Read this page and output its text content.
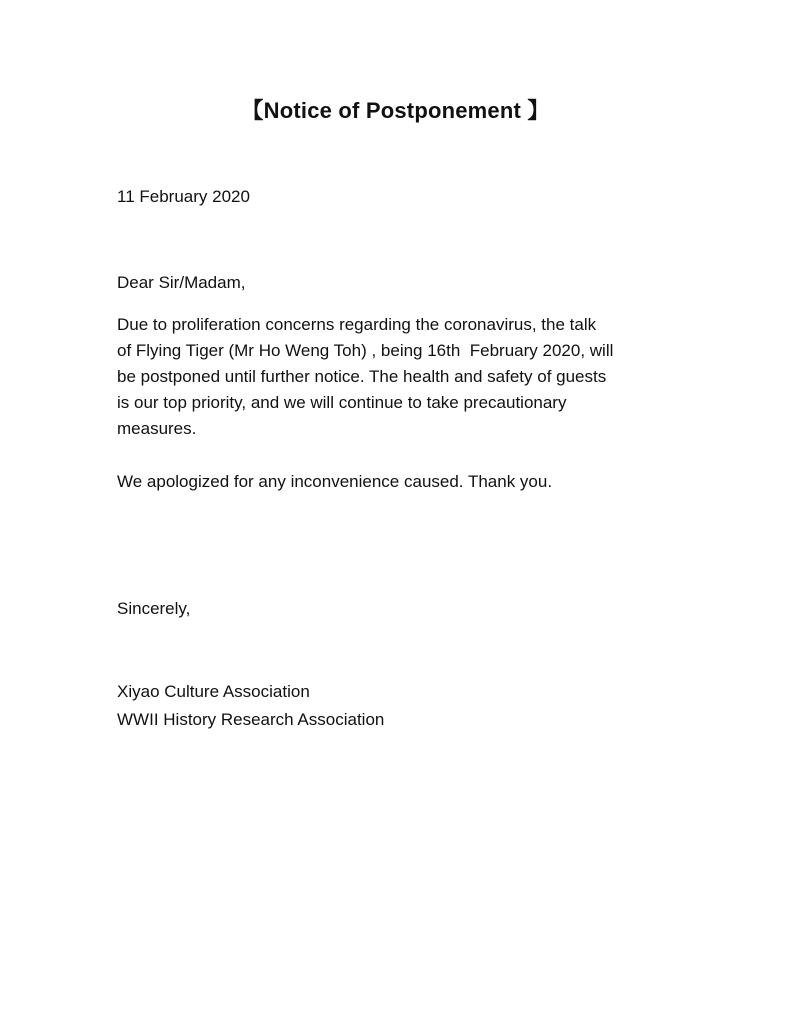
【Notice of Postponement 】
11 February 2020
Dear Sir/Madam,
Due to proliferation concerns regarding the coronavirus, the talk
of Flying Tiger (Mr Ho Weng Toh) , being 16th  February 2020, will
be postponed until further notice. The health and safety of guests
is our top priority, and we will continue to take precautionary
measures.
We apologized for any inconvenience caused. Thank you.
Sincerely,
Xiyao Culture Association
WWII History Research Association
